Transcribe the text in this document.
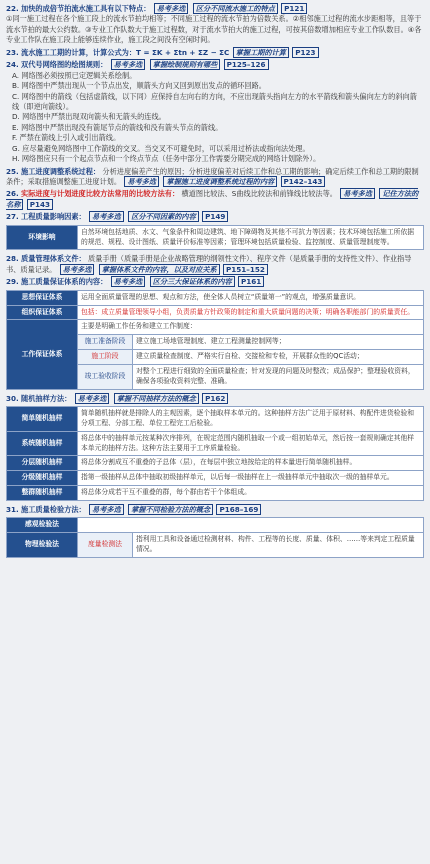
22. 加快的成倍节拍流水施工具有以下特点： 易考多选 区分不同流水施工的特点 P121
①同一施工过程在各个施工段上的流水节拍均相等；不同施工过程的流水节拍为倍数关系。②相邻施工过程的流水步距相等，且等于流水节拍的最大公约数。③专业工作队数大于施工过程数，对于流水节拍大的施工过程，可按其倍数增加相应专业工作队数目。④各专业工作队在施工段上能够连续作业，施工段之间没有空闲时间。
23. 流水施工工期的计算，计算公式为：T = ΣK + Σtn + ΣZ − ΣC 掌握工期的计算 P123
24. 双代号网络图的绘图规则： 易考多选 掌握绘制规则有哪些 P125–126
A. 网络图必须按照已定逻辑关系绘制。
B. 网络图中严禁出现从一个节点出发，顺箭头方向又回到原出发点的循环回路。
C. 网络图中的箭线（包括虚箭线，以下同）应保持自左向右的方向，不应出现箭头指向左方的水平箭线和箭头偏向左方的斜向箭线（即逆向箭线）。
D. 网络图中严禁出现双向箭头和无箭头的连线。
E. 网络图中严禁出现没有箭尾节点的箭线和没有箭头节点的箭线。
F. 严禁在箭线上引入或引出箭线。
G. 应尽量避免网络图中工作箭线的交叉。当交叉不可避免时，可以采用过桥法或指向法处理。
H. 网络图应只有一个起点节点和一个终点节点（任务中部分工作需要分期完成的网络计划除外）。
25. 施工进度调整系统过程： 分析进度偏差产生的原因；分析进度偏差对后续工作和总工期的影响；确定后续工作和总工期的限制条件；采取措施调整施工进度计划。 易考多选 掌握施工进度调整系统过程的内容 P142–143
26. 实际进度与计划进度比较方法常用的比较方法有： 横道图比较法、S曲线比较法和前锋线比较法等。 易考多选 记住方法的名称 P143
27. 工程质量影响因素： 易考多选 区分不同因素的内容 P149
环境影响	自然环境包括地质、水文、气象条件和周边建筑、地下障碍物及其他不可抗力等因素；技术环境包括施工所依据的规范、规程、设计图纸、质量评价标准等因素；管理环境包括质量检验、监控制度、质量管理制度等。
28. 质量管理体系文件： 质量手册（质量手册是企业战略管理的纲领性文件）、程序文件（是质量手册的支持性文件）、作业指导书、质量记录。 易考多选 掌握体系文件的内容，以及对应关系 P151–152
29. 施工质量保证体系的内容： 易考多选 区分三大保证体系的内容 P161
思想保证体系	运用全面质量管理的思想、观点和方法，使全体人员树立“质量第一”的观点，增强质量意识。	
组织保证体系	包括：成立质量管理领导小组，负责质量方针政策的制定和重大质量问题的决策；明确各职能部门的质量责任。	
工作保证体系	主要是明确工作任务和建立工作制度：	
	施工准备阶段	建立施工场地管理制度、建立工程测量控制网等；
	施工阶段	建立质量检查制度、严格实行自检、交接检和专检，开展群众性的QC活动；
	竣工验收阶段	对整个工程进行细致的全面质量检查；针对发现的问题及时整改；成品保护；整理验收资料，确保各项验收资料完整、准确。
30. 随机抽样方法： 易考多选 掌握不同抽样方法的概念 P162
简单随机抽样	简单随机抽样就是排除人的主观因素，逐个抽取样本单元的。这种抽样方法广泛用于原材料、构配件进货检验和分项工程、分部工程、单位工程完工后检验。
系统随机抽样	将总体中的抽样单元按某种次序排列，在规定范围内随机抽取一个或一组初始单元，然后按一套规则确定其他样本单元的抽样方法。这种方法主要用于工序质量检验。
分层随机抽样	将总体分割成互不重叠的子总体（层），在每层中独立地按给定的样本量进行简单随机抽样。
分级随机抽样	指第一级抽样从总体中抽取初级抽样单元，以后每一级抽样在上一级抽样单元中抽取次一级的抽样单元。
整群随机抽样	将总体分成若干互不重叠的群，每个群由若干个体组成。
31. 施工质量检验方法： 易考多选 掌握不同检验方法的概念 P168–169
感观检验法		
物理检验法	度量检测法	指利用工具和设备通过检测材料、构件、工程等的长度、质量、体积、……等来判定工程质量情况。
